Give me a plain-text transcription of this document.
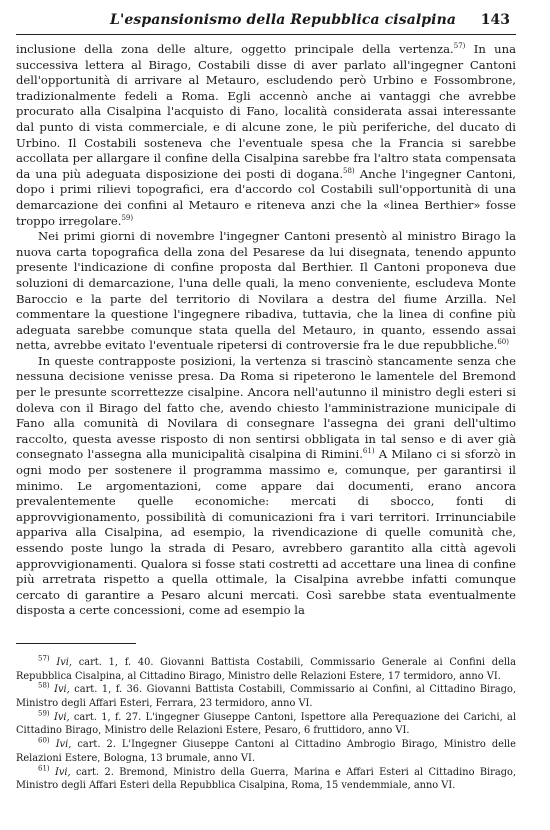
L'espansionismo della Repubblica cisalpina 143

inclusione della zona delle alture, oggetto principale della vertenza.$^{57)}$ In una successiva lettera al Birago, Costabili disse di aver parlato all'ingegner Cantoni dell'opportunità di arrivare al Metauro, escludendo però Urbino e Fossombrone, tradizionalmente fedeli a Roma. Egli accennò anche ai vantaggi che avrebbe procurato alla Cisalpina l'acquisto di Fano, località considerata assai interessante dal punto di vista commerciale, e di alcune zone, le più periferiche, del ducato di Urbino. Il Costabili sosteneva che l'eventuale spesa che la Francia si sarebbe accollata per allargare il confine della Cisalpina sarebbe fra l'altro stata compensata da una più adeguata disposizione dei posti di dogana.$^{58)}$ Anche l'ingegner Cantoni, dopo i primi rilievi topografici, era d'accordo col Costabili sull'opportunità di una demarcazione dei confini al Metauro e riteneva anzi che la «linea Berthier» fosse troppo irregolare.$^{59)}$

Nei primi giorni di novembre l'ingegner Cantoni presentò al ministro Birago la nuova carta topografica della zona del Pesarese da lui disegnata, tenendo appunto presente l'indicazione di confine proposta dal Berthier. Il Cantoni proponeva due soluzioni di demarcazione, l'una delle quali, la meno conveniente, escludeva Monte Baroccio e la parte del territorio di Novilara a destra del fiume Arzilla. Nel commentare la questione l'ingegnere ribadiva, tuttavia, che la linea di confine più adeguata sarebbe comunque stata quella del Metauro, in quanto, essendo assai netta, avrebbe evitato l'eventuale ripetersi di controversie fra le due repubbliche.$^{60)}$

In queste contrapposte posizioni, la vertenza si trascinò stancamente senza che nessuna decisione venisse presa. Da Roma si ripeterono le lamentele del Bremond per le presunte scorrettezze cisalpine. Ancora nell'autunno il ministro degli esteri si doleva con il Birago del fatto che, avendo chiesto l'amministrazione municipale di Fano alla comunità di Novilara di consegnare l'assegna dei grani dell'ultimo raccolto, questa avesse risposto di non sentirsi obbligata in tal senso e di aver già consegnato l'assegna alla municipalità cisalpina di Rimini.$^{61)}$ A Milano ci si sforzò in ogni modo per sostenere il programma massimo e, comunque, per garantirsi il minimo. Le argomentazioni, come appare dai documenti, erano ancora prevalentemente quelle economiche: mercati di sbocco, fonti di approvvigionamento, possibilità di comunicazioni fra i vari territori. Irrinunciabile appariva alla Cisalpina, ad esempio, la rivendicazione di quelle comunità che, essendo poste lungo la strada di Pesaro, avrebbero garantito alla città agevoli approvvigionamenti. Qualora si fosse stati costretti ad accettare una linea di confine più arretrata rispetto a quella ottimale, la Cisalpina avrebbe infatti comunque cercato di garantire a Pesaro alcuni mercati. Così sarebbe stata eventualmente disposta a certe concessioni, come ad esempio la

$^{57)}$ Ivi, cart. 1, f. 40. Giovanni Battista Costabili, Commissario Generale ai Confini della Repubblica Cisalpina, al Cittadino Birago, Ministro delle Relazioni Estere, 17 termidoro, anno VI.

$^{58)}$ Ivi, cart. 1, f. 36. Giovanni Battista Costabili, Commissario ai Confini, al Cittadino Birago, Ministro degli Affari Esteri, Ferrara, 23 termidoro, anno VI.

$^{59)}$ Ivi, cart. 1, f. 27. L'ingegner Giuseppe Cantoni, Ispettore alla Perequazione dei Carichi, al Cittadino Birago, Ministro delle Relazioni Estere, Pesaro, 6 fruttidoro, anno VI.

$^{60)}$ Ivi, cart. 2. L'Ingegner Giuseppe Cantoni al Cittadino Ambrogio Birago, Ministro delle Relazioni Estere, Bologna, 13 brumale, anno VI.

$^{61)}$ Ivi, cart. 2. Bremond, Ministro della Guerra, Marina e Affari Esteri al Cittadino Birago, Ministro degli Affari Esteri della Repubblica Cisalpina, Roma, 15 vendemmiale, anno VI.
